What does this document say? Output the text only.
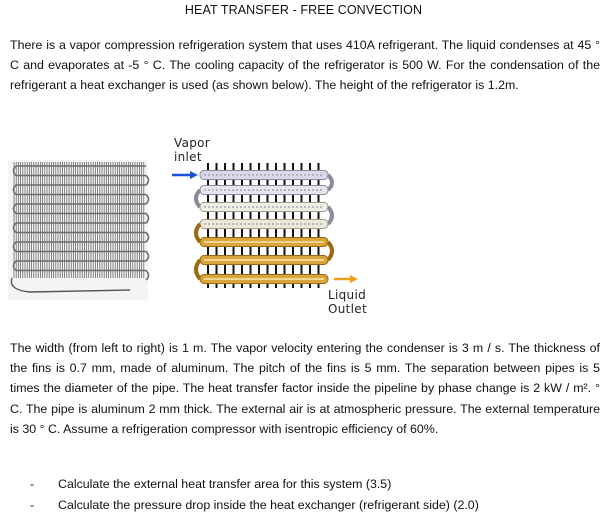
HEAT TRANSFER - FREE CONVECTION
There is a vapor compression refrigeration system that uses 410A refrigerant. The liquid condenses at 45 ° C and evaporates at -5 ° C. The cooling capacity of the refrigerator is 500 W. For the condensation of the refrigerant a heat exchanger is used (as shown below). The height of the refrigerator is 1.2m.
Vapor
inlet
Liquid
Outlet
The width (from left to right) is 1 m. The vapor velocity entering the condenser is 3 m / s. The thickness of the fins is 0.7 mm, made of aluminum. The pitch of the fins is 5 mm. The separation between pipes is 5 times the diameter of the pipe. The heat transfer factor inside the pipeline by phase change is 2 kW / m². ° C. The pipe is aluminum 2 mm thick. The external air is at atmospheric pressure. The external temperature is 30 ° C. Assume a refrigeration compressor with isentropic efficiency of 60%.
- Calculate the external heat transfer area for this system (3.5)
- Calculate the pressure drop inside the heat exchanger (refrigerant side) (2.0)
